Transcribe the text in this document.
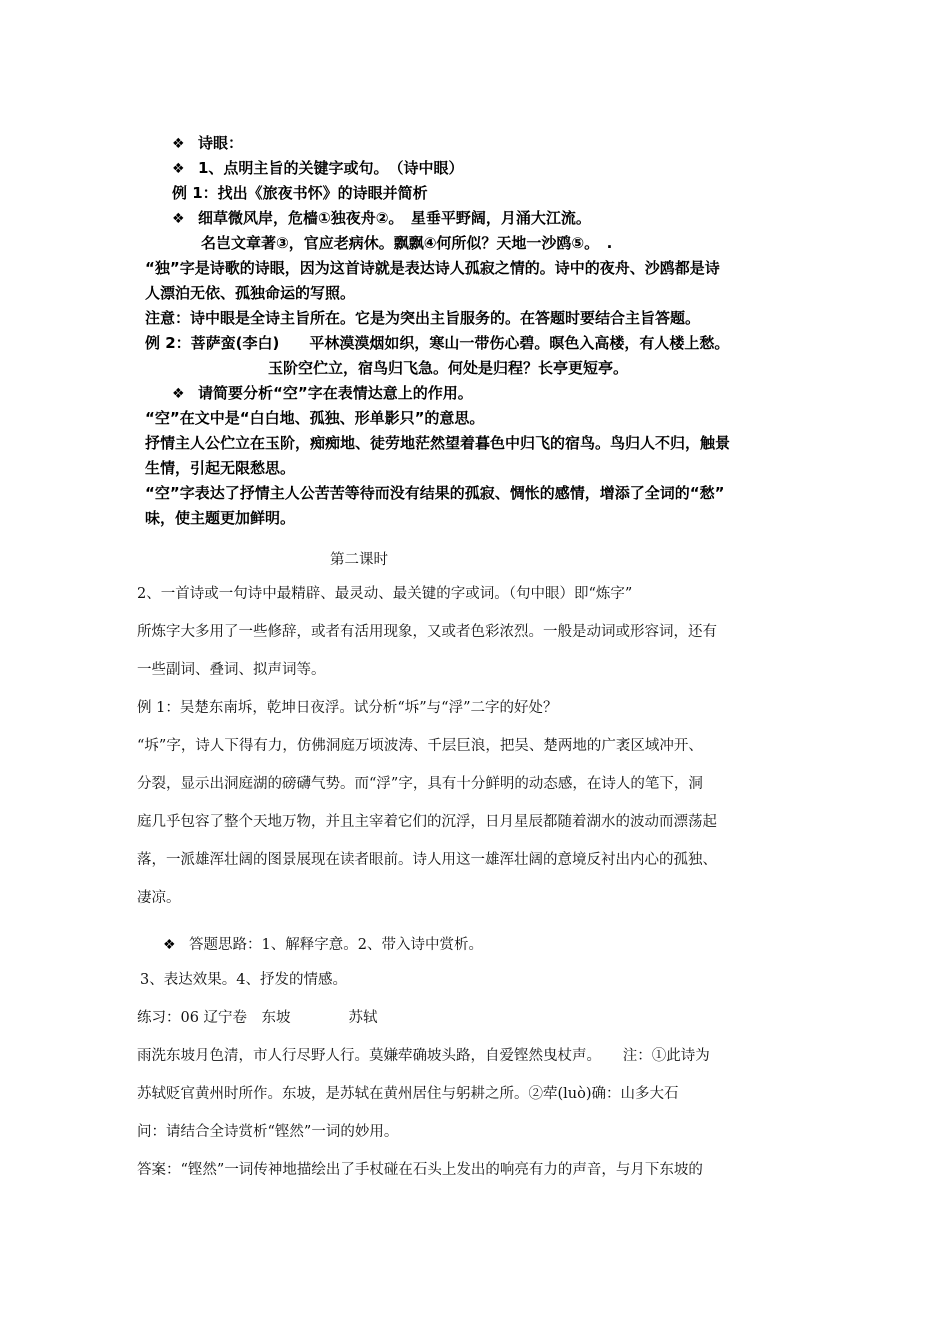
❖ 诗眼：
❖ 1、点明主旨的关键字或句。　（诗中眼）
例 1：找出《旅夜书怀》的诗眼并简析
❖ 细草微风岸，危樯①独夜舟②。　星垂平野阔，月涌大江流。
名岂文章著③，官应老病休。飘飘④何所似？天地一沙鸥⑤。　.
“独”字是诗歌的诗眼，因为这首诗就是表达诗人孤寂之情的。诗中的夜舟、沙鸥都是诗
人漂泊无依、孤独命运的写照。
注意：诗中眼是全诗主旨所在。它是为突出主旨服务的。在答题时要结合主旨答题。
例 2：菩萨蛮(李白)　　平林漠漠烟如织，寒山一带伤心碧。暝色入高楼，有人楼上愁。
玉阶空伫立，宿鸟归飞急。何处是归程？长亭更短亭。
❖ 请简要分析“空”字在表情达意上的作用。
“空”在文中是“白白地、孤独、形单影只”的意思。
抒情主人公伫立在玉阶，痴痴地、徒劳地茫然望着暮色中归飞的宿鸟。鸟归人不归，触景
生情，引起无限愁思。
“空”字表达了抒情主人公苦苦等待而没有结果的孤寂、惆怅的感情，增添了全词的“愁”
味，使主题更加鲜明。
第二课时
2、一首诗或一句诗中最精辟、最灵动、最关键的字或词。（句中眼）即“炼字”
所炼字大多用了一些修辞，或者有活用现象，又或者色彩浓烈。一般是动词或形容词，还有
一些副词、叠词、拟声词等。
例 1：吴楚东南坼，乾坤日夜浮。试分析“坼”与“浮”二字的好处？
“坼”字，诗人下得有力，仿佛洞庭万顷波涛、千层巨浪，把吴、楚两地的广袤区域冲开、
分裂，显示出洞庭湖的磅礴气势。而“浮”字，具有十分鲜明的动态感，在诗人的笔下，洞
庭几乎包容了整个天地万物，并且主宰着它们的沉浮，日月星辰都随着湖水的波动而漂荡起
落，一派雄浑壮阔的图景展现在读者眼前。诗人用这一雄浑壮阔的意境反衬出内心的孤独、
凄凉。
❖ 答题思路：1、解释字意。2、带入诗中赏析。
3、表达效果。4、抒发的情感。
练习：06 辽宁卷　东坡　　　　苏轼
雨洗东坡月色清，市人行尽野人行。莫嫌荦确坡头路，自爱铿然曳杖声。　　注：①此诗为
苏轼贬官黄州时所作。东坡，是苏轼在黄州居住与躬耕之所。②荦(luò)确：山多大石
问：请结合全诗赏析“铿然”一词的妙用。
答案：“铿然”一词传神地描绘出了手杖碰在石头上发出的响亮有力的声音，与月下东坡的
